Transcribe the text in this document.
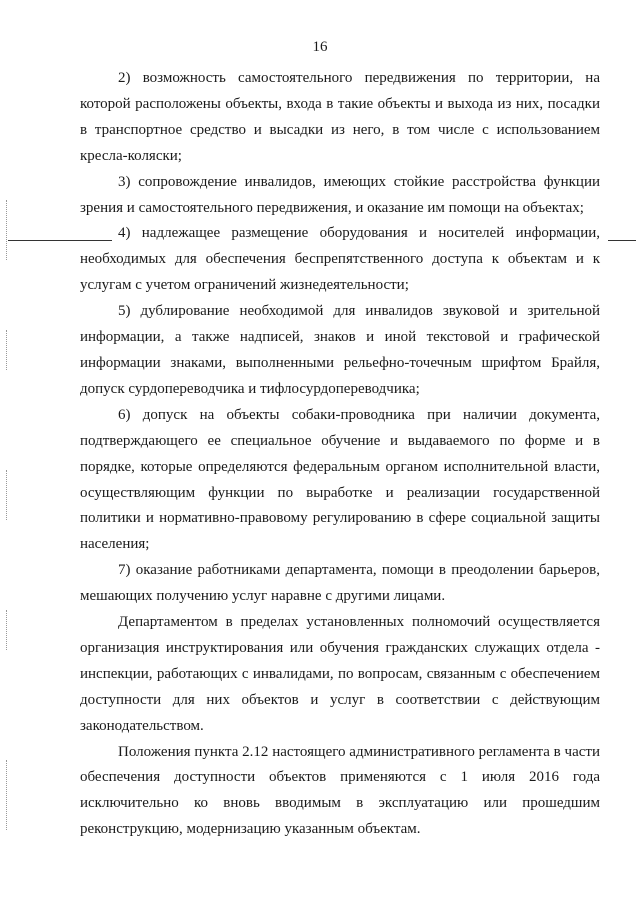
16

2) возможность самостоятельного передвижения по территории, на которой расположены объекты, входа в такие объекты и выхода из них, посадки в транспортное средство и высадки из него, в том числе с использованием кресла-коляски;

3) сопровождение инвалидов, имеющих стойкие расстройства функции зрения и самостоятельного передвижения, и оказание им помощи на объектах;

4) надлежащее размещение оборудования и носителей информации, необходимых для обеспечения беспрепятственного доступа к объектам и к услугам с учетом ограничений жизнедеятельности;

5) дублирование необходимой для инвалидов звуковой и зрительной информации, а также надписей, знаков и иной текстовой и графической информации знаками, выполненными рельефно-точечным шрифтом Брайля, допуск сурдопереводчика и тифлосурдопереводчика;

6) допуск на объекты собаки-проводника при наличии документа, подтверждающего ее специальное обучение и выдаваемого по форме и в порядке, которые определяются федеральным органом исполнительной власти, осуществляющим функции по выработке и реализации государственной политики и нормативно-правовому регулированию в сфере социальной защиты населения;

7) оказание работниками департамента, помощи в преодолении барьеров, мешающих получению услуг наравне с другими лицами.

Департаментом в пределах установленных полномочий осуществляется организация инструктирования или обучения гражданских служащих отдела - инспекции, работающих с инвалидами, по вопросам, связанным с обеспечением доступности для них объектов и услуг в соответствии с действующим законодательством.

Положения пункта 2.12 настоящего административного регламента в части обеспечения доступности объектов применяются с 1 июля 2016 года исключительно ко вновь вводимым в эксплуатацию или прошедшим реконструкцию, модернизацию указанным объектам.
